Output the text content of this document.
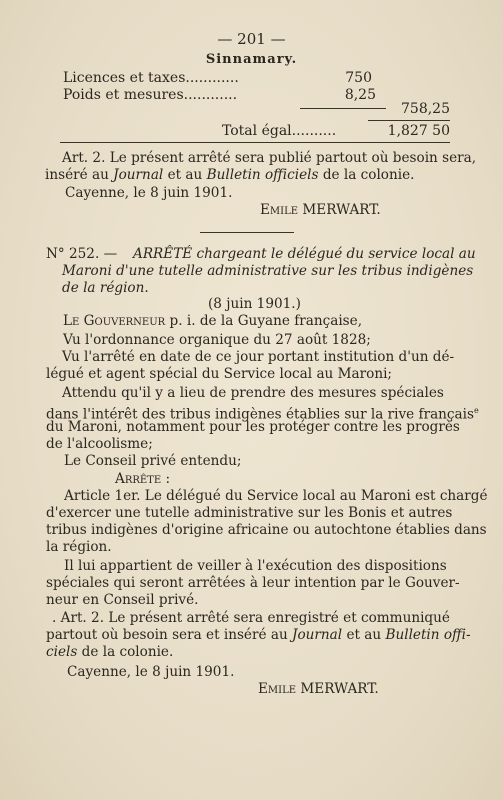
— 201 —
Sinnamary.
Licences et taxes............	750
Poids et mesures............	8,25
758,25
Total égal..........	1,827 50
Art. 2. Le présent arrêté sera publié partout où besoin sera,
inséré au Journal et au Bulletin officiels de la colonie.
Cayenne, le 8 juin 1901.
Emile MERWART.
N° 252. — ARRÊTÉ chargeant le délégué du service local au
Maroni d'une tutelle administrative sur les tribus indigènes
de la région.
(8 juin 1901.)
Le Gouverneur p. i. de la Guyane française,
Vu l'ordonnance organique du 27 août 1828;
Vu l'arrêté en date de ce jour portant institution d'un dé-
légué et agent spécial du Service local au Maroni;
Attendu qu'il y a lieu de prendre des mesures spéciales
dans l'intérêt des tribus indigènes établies sur la rive français$^e$
du Maroni, notamment pour les protéger contre les progrès
de l'alcoolisme;
Le Conseil privé entendu;
Arrête :
Article 1er. Le délégué du Service local au Maroni est chargé
d'exercer une tutelle administrative sur les Bonis et autres
tribus indigènes d'origine africaine ou autochtone établies dans
la région.
Il lui appartient de veiller à l'exécution des dispositions
spéciales qui seront arrêtées à leur intention par le Gouver-
neur en Conseil privé.
. Art. 2. Le présent arrêté sera enregistré et communiqué
partout où besoin sera et inséré au Journal et au Bulletin offi-
ciels de la colonie.
Cayenne, le 8 juin 1901.
Emile MERWART.
